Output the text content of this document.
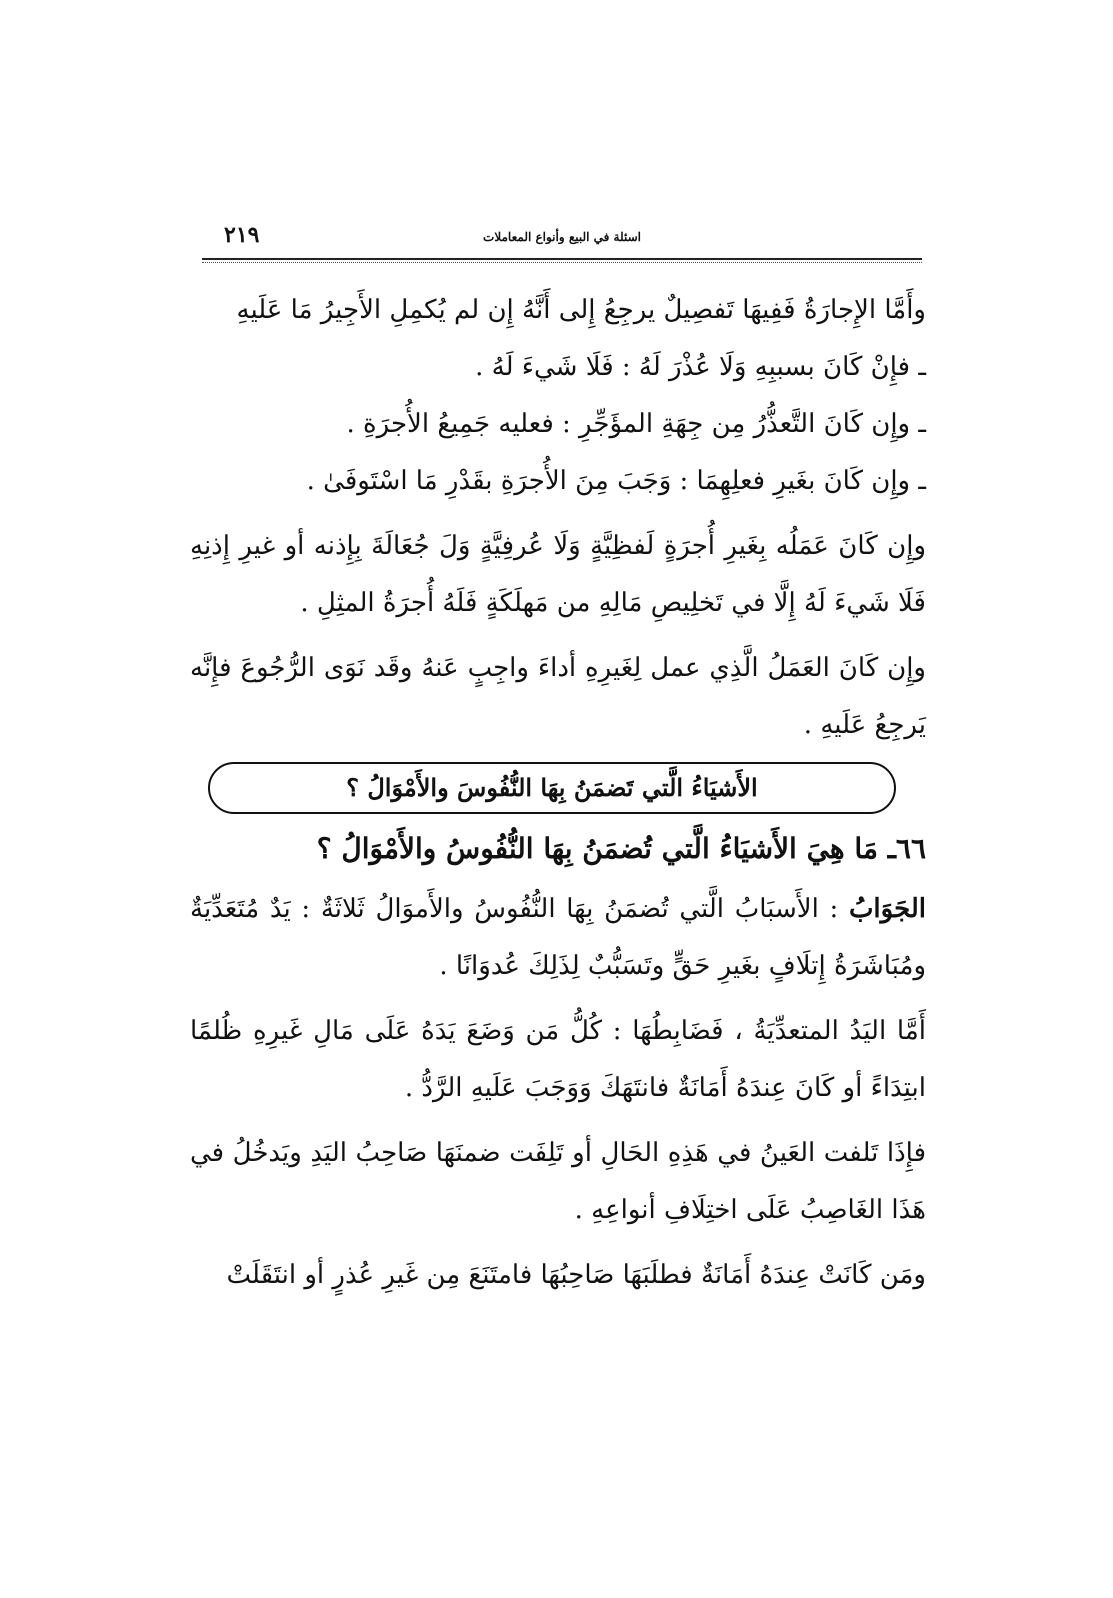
٢١٩	اسئلة في البيع وأنواع المعاملات

وأَمَّا الإِجارَةُ فَفِيهَا تَفصِيلٌ يرجِعُ إِلى أَنَّهُ إِن لم يُكمِلِ الأَجِيرُ مَا عَلَيهِ

ـ فإِنْ كَانَ بسببِهِ وَلَا عُذْرَ لَهُ : فَلَا شَيءَ لَهُ .

ـ وإِن كَانَ التَّعذُّرُ مِن جِهَةِ المؤَجِّرِ : فعليه جَمِيعُ الأُجرَةِ .

ـ وإِن كَانَ بغَيرِ فعلِهِمَا : وَجَبَ مِنَ الأُجرَةِ بقَدْرِ مَا اسْتَوفَىٰ .

وإِن كَانَ عَمَلُه بِغَيرِ أُجرَةٍ لَفظِيَّةٍ وَلَا عُرفِيَّةٍ وَلَ جُعَالَةَ بِإِذنه أو غيرِ إِذنِهِ فَلَا شَيءَ لَهُ إِلَّا في تَخلِيصِ مَالِهِ من مَهلَكَةٍ فَلَهُ أُجرَةُ المثِلِ .

وإِن كَانَ العَمَلُ الَّذِي عمل لِغَيرِهِ أداءَ واجِبٍ عَنهُ وقَد نَوَى الرُّجُوعَ فإِنَّه يَرجِعُ عَلَيهِ .

الأَشيَاءُ الَّتي تَضمَنُ بِهَا النُّفُوسَ والأَمْوَالُ ؟

٦٦ـ مَا هِيَ الأَشيَاءُ الَّتي تُضمَنُ بِهَا النُّفُوسُ والأَمْوَالُ ؟

الجَوَابُ : الأَسبَابُ الَّتي تُضمَنُ بِهَا النُّفُوسُ والأَموَالُ ثَلاثَةٌ : يَدٌ مُتَعَدِّيَةٌ ومُبَاشَرَةُ إِتلَافٍ بغَيرِ حَقٍّ وتَسَبُّبٌ لِذَلِكَ عُدوَانًا .

أَمَّا اليَدُ المتعدِّيَةُ ، فَضَابِطُهَا : كُلُّ مَن وَضَعَ يَدَهُ عَلَى مَالِ غَيرِهِ ظُلمًا ابتِدَاءً أو كَانَ عِندَهُ أَمَانَةٌ فانتَهَكَ وَوَجَبَ عَلَيهِ الرَّدُّ .

فإِذَا تَلفت العَينُ في هَذِهِ الحَالِ أو تَلِفَت ضمنَهَا صَاحِبُ اليَدِ ويَدخُلُ في هَذَا الغَاصِبُ عَلَى اختِلَافِ أنواعِهِ .

ومَن كَانَتْ عِندَهُ أَمَانَةٌ فطلَبَهَا صَاحِبُهَا فامتَنَعَ مِن غَيرِ عُذرٍ أو انتَقَلَتْ
